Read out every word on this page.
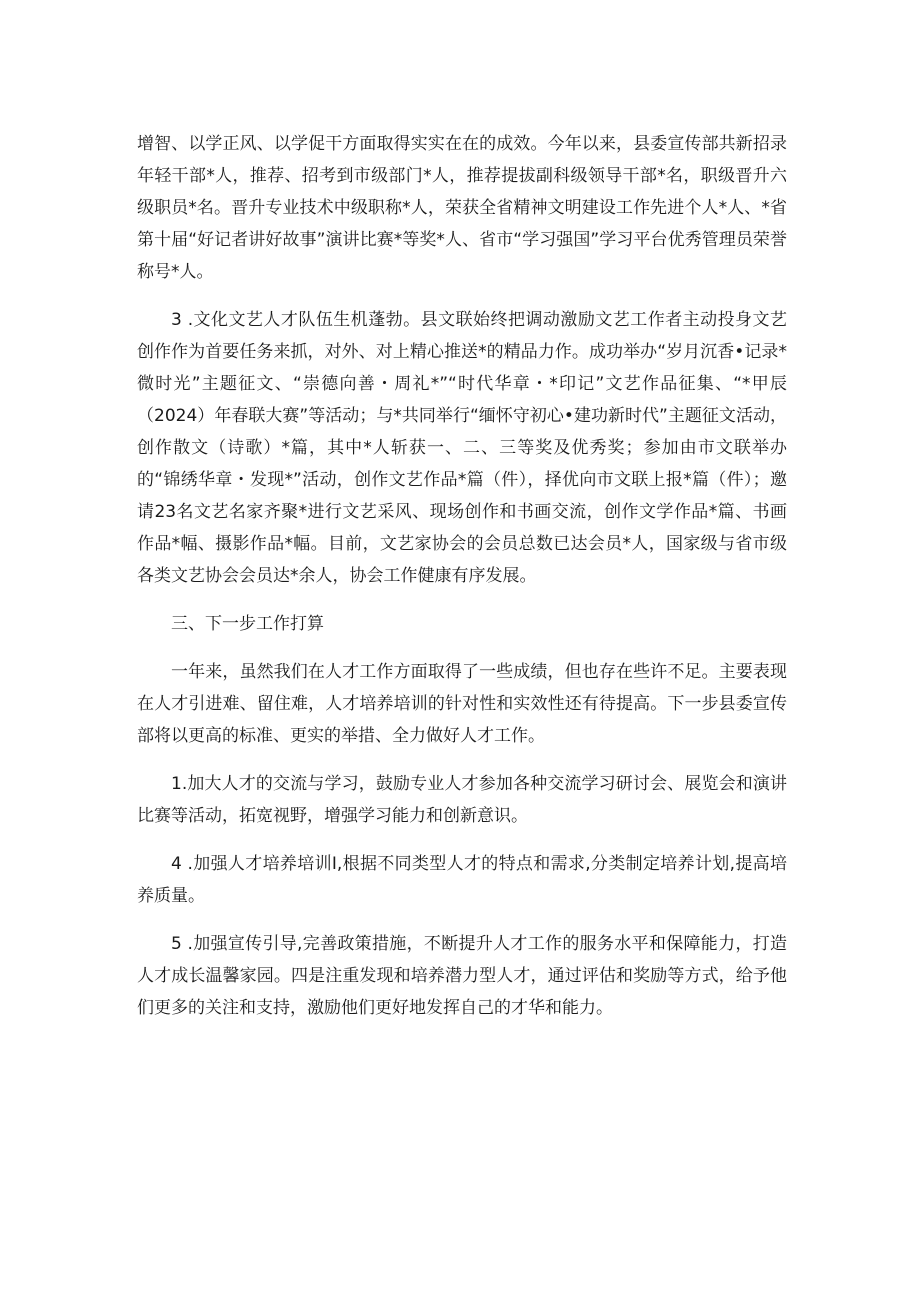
增智、以学正风、以学促干方面取得实实在在的成效。今年以来，县委宣传部共新招录年轻干部*人，推荐、招考到市级部门*人，推荐提拔副科级领导干部*名，职级晋升六级职员*名。晋升专业技术中级职称*人，荣获全省精神文明建设工作先进个人*人、*省第十届“好记者讲好故事”演讲比赛*等奖*人、省市“学习强国”学习平台优秀管理员荣誉称号*人。

3 .文化文艺人才队伍生机蓬勃。县文联始终把调动激励文艺工作者主动投身文艺创作作为首要任务来抓，对外、对上精心推送*的精品力作。成功举办“岁月沉香•记录*微时光”主题征文、“崇德向善・周礼*”“时代华章・*印记”文艺作品征集、“*甲辰（2024）年春联大赛”等活动；与*共同举行“缅怀守初心•建功新时代”主题征文活动，创作散文（诗歌）*篇，其中*人斩获一、二、三等奖及优秀奖；参加由市文联举办的“锦绣华章・发现*”活动，创作文艺作品*篇（件），择优向市文联上报*篇（件）；邀请23名文艺名家齐聚*进行文艺采风、现场创作和书画交流，创作文学作品*篇、书画作品*幅、摄影作品*幅。目前，文艺家协会的会员总数已达会员*人，国家级与省市级各类文艺协会会员达*余人，协会工作健康有序发展。

三、下一步工作打算

一年来，虽然我们在人才工作方面取得了一些成绩，但也存在些许不足。主要表现在人才引进难、留住难，人才培养培训的针对性和实效性还有待提高。下一步县委宣传部将以更高的标准、更实的举措、全力做好人才工作。

1.加大人才的交流与学习，鼓励专业人才参加各种交流学习研讨会、展览会和演讲比赛等活动，拓宽视野，增强学习能力和创新意识。

4 .加强人才培养培训I,根据不同类型人才的特点和需求,分类制定培养计划,提高培养质量。

5 .加强宣传引导,完善政策措施，不断提升人才工作的服务水平和保障能力，打造人才成长温馨家园。四是注重发现和培养潜力型人才，通过评估和奖励等方式，给予他们更多的关注和支持，激励他们更好地发挥自己的才华和能力。
